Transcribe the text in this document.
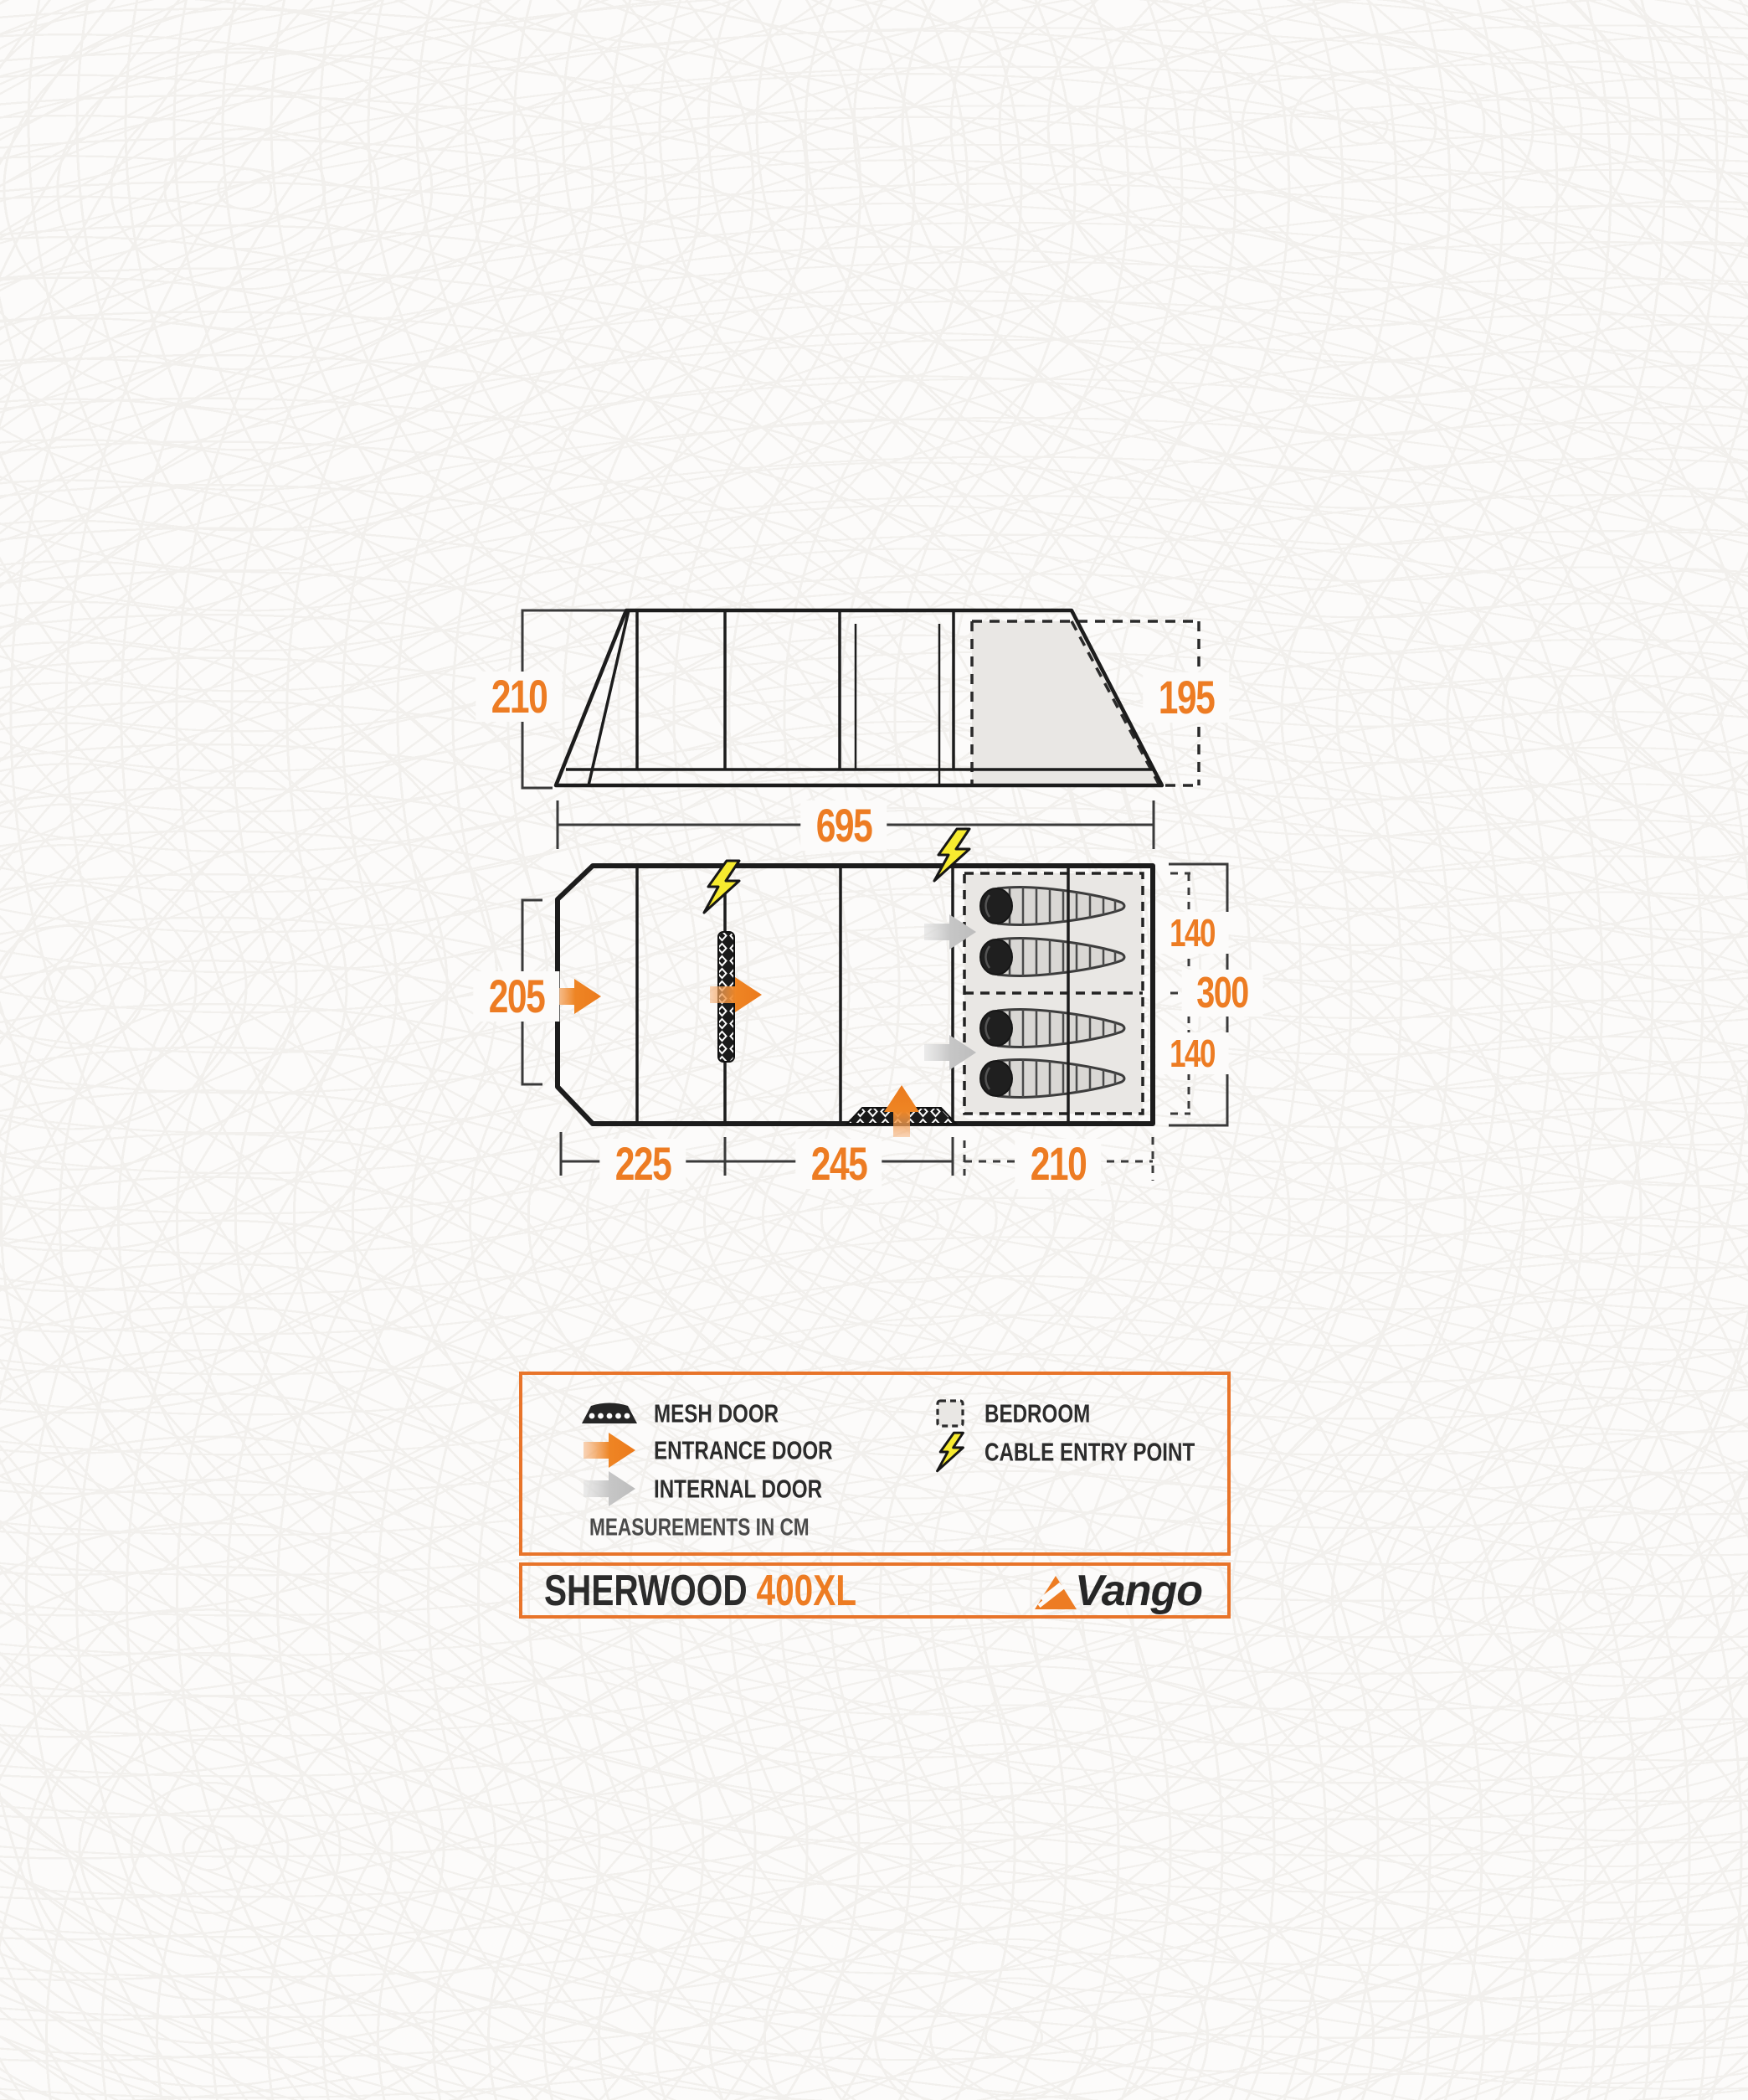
210	195
695
205
225	245	210
140
300
140
MESH DOOR
ENTRANCE DOOR
INTERNAL DOOR
BEDROOM
CABLE ENTRY POINT
MEASUREMENTS IN CM
SHERWOOD 400XL	Vango
